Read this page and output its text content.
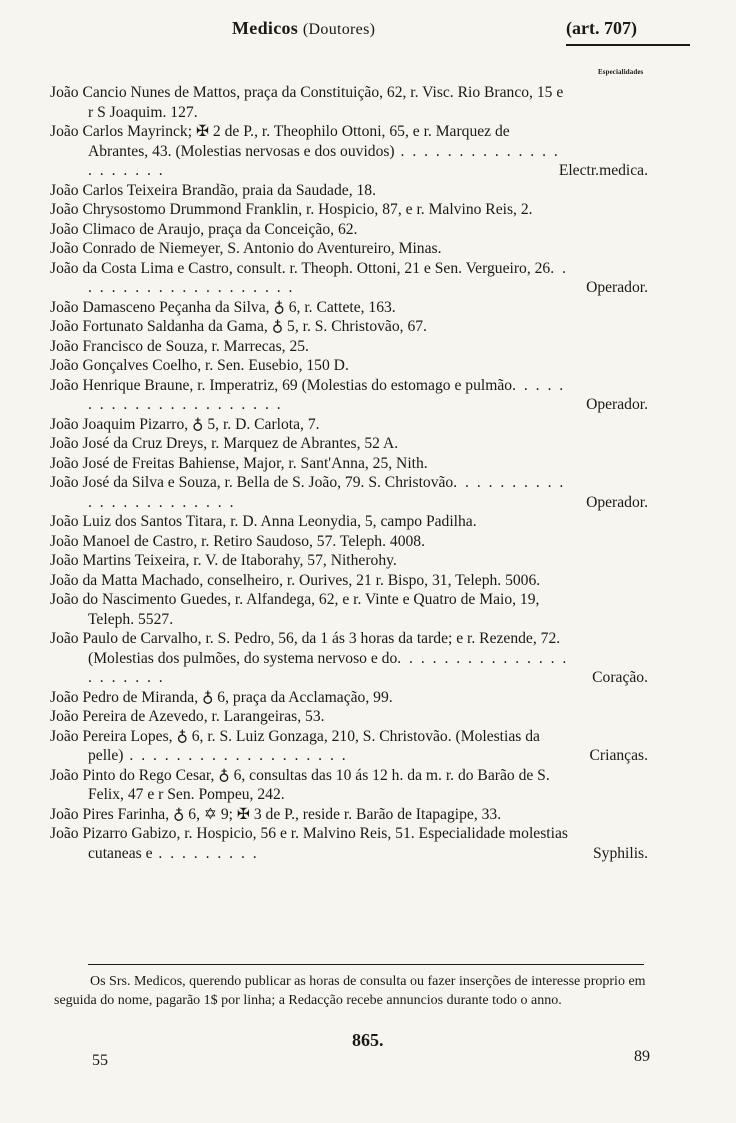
Medicos (Doutores)	(art. 707)
Especialidades
João Cancio Nunes de Mattos, praça da Constituição, 62, r. Visc. Rio Branco, 15 e r S Joaquim. 127.
João Carlos Mayrinck; ✠ 2 de P., r. Theophilo Ottoni, 65, e r. Marquez de Abrantes, 43. (Molestias nervosas e dos ouvidos) . . . . . . . . . . . . . . . . . . . . .	Electr.medica.
João Carlos Teixeira Brandão, praia da Saudade, 18.
João Chrysostomo Drummond Franklin, r. Hospicio, 87, e r. Malvino Reis, 2.
João Climaco de Araujo, praça da Conceição, 62.
João Conrado de Niemeyer, S. Antonio do Aventureiro, Minas.
João da Costa Lima e Castro, consult. r. Theoph. Ottoni, 21 e Sen. Vergueiro, 26. . . . . . . . . . . . . . . . . . . .	Operador.
João Damasceno Peçanha da Silva, ♁ 6, r. Cattete, 163.
João Fortunato Saldanha da Gama, ♁ 5, r. S. Christovão, 67.
João Francisco de Souza, r. Marrecas, 25.
João Gonçalves Coelho, r. Sen. Eusebio, 150 D.
João Henrique Braune, r. Imperatriz, 69 (Molestias do estomago e pulmão. . . . . . . . . . . . . . . . . . . . . .	Operador.
João Joaquim Pizarro, ♁ 5, r. D. Carlota, 7.
João José da Cruz Dreys, r. Marquez de Abrantes, 52 A.
João José de Freitas Bahiense, Major, r. Sant'Anna, 25, Nith.
João José da Silva e Souza, r. Bella de S. João, 79. S. Christovão. . . . . . . . . . . . . . . . . . . . . . .	Operador.
João Luiz dos Santos Titara, r. D. Anna Leonydia, 5, campo Padilha.
João Manoel de Castro, r. Retiro Saudoso, 57. Teleph. 4008.
João Martins Teixeira, r. V. de Itaborahy, 57, Nitherohy.
João da Matta Machado, conselheiro, r. Ourives, 21 r. Bispo, 31, Teleph. 5006.
João do Nascimento Guedes, r. Alfandega, 62, e r. Vinte e Quatro de Maio, 19, Teleph. 5527.
João Paulo de Carvalho, r. S. Pedro, 56, da 1 ás 3 horas da tarde; e r. Rezende, 72. (Molestias dos pulmões, do systema nervoso e do. . . . . . . . . . . . . . . . . . . . . .	Coração.
João Pedro de Miranda, ♁ 6, praça da Acclamação, 99.
João Pereira de Azevedo, r. Larangeiras, 53.
João Pereira Lopes, ♁ 6, r. S. Luiz Gonzaga, 210, S. Christovão. (Molestias da pelle) . . . . . . . . . . . . . . . . . . .	Crianças.
João Pinto do Rego Cesar, ♁ 6, consultas das 10 ás 12 h. da m. r. do Barão de S. Felix, 47 e r Sen. Pompeu, 242.
João Pires Farinha, ♁ 6, ✡ 9; ✠ 3 de P., reside r. Barão de Itapagipe, 33.
João Pizarro Gabizo, r. Hospicio, 56 e r. Malvino Reis, 51. Especialidade molestias cutaneas e . . . . . . . . .	Syphilis.
Os Srs. Medicos, querendo publicar as horas de consulta ou fazer inserções de interesse proprio em seguida do nome, pagarão 1$ por linha; a Redacção recebe annuncios durante todo o anno.
865.
55	89
